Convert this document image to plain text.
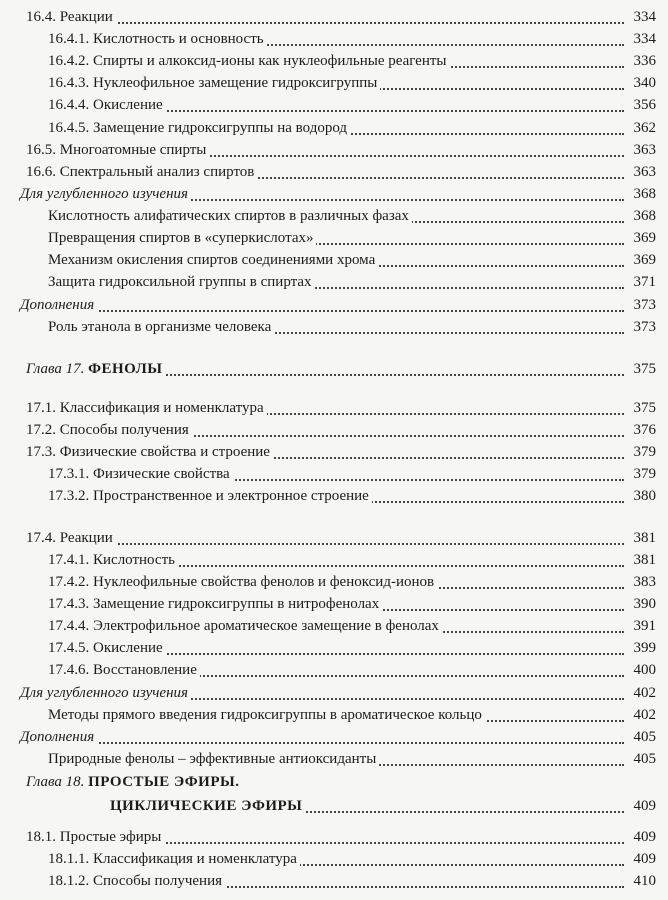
16.4. Реакции	334
16.4.1. Кислотность и основность	334
16.4.2. Спирты и алкоксид-ионы как нуклеофильные реагенты	336
16.4.3. Нуклеофильное замещение гидроксигруппы	340
16.4.4. Окисление	356
16.4.5. Замещение гидроксигруппы на водород	362
16.5. Многоатомные спирты	363
16.6. Спектральный анализ спиртов	363
Для углубленного изучения	368
Кислотность алифатических спиртов в различных фазах	368
Превращения спиртов в «суперкислотах»	369
Механизм окисления спиртов соединениями хрома	369
Защита гидроксильной группы в спиртах	371
Дополнения	373
Роль этанола в организме человека	373
Глава 17. ФЕНОЛЫ	375
17.1. Классификация и номенклатура	375
17.2. Способы получения	376
17.3. Физические свойства и строение	379
17.3.1. Физические свойства	379
17.3.2. Пространственное и электронное строение	380
17.4. Реакции	381
17.4.1. Кислотность	381
17.4.2. Нуклеофильные свойства фенолов и феноксид-ионов	383
17.4.3. Замещение гидроксигруппы в нитрофенолах	390
17.4.4. Электрофильное ароматическое замещение в фенолах	391
17.4.5. Окисление	399
17.4.6. Восстановление	400
Для углубленного изучения	402
Методы прямого введения гидроксигруппы в ароматическое кольцо	402
Дополнения	405
Природные фенолы – эффективные антиоксиданты	405
Глава 18. ПРОСТЫЕ ЭФИРЫ.
ЦИКЛИЧЕСКИЕ ЭФИРЫ	409
18.1. Простые эфиры	409
18.1.1. Классификация и номенклатура	409
18.1.2. Способы получения	410
